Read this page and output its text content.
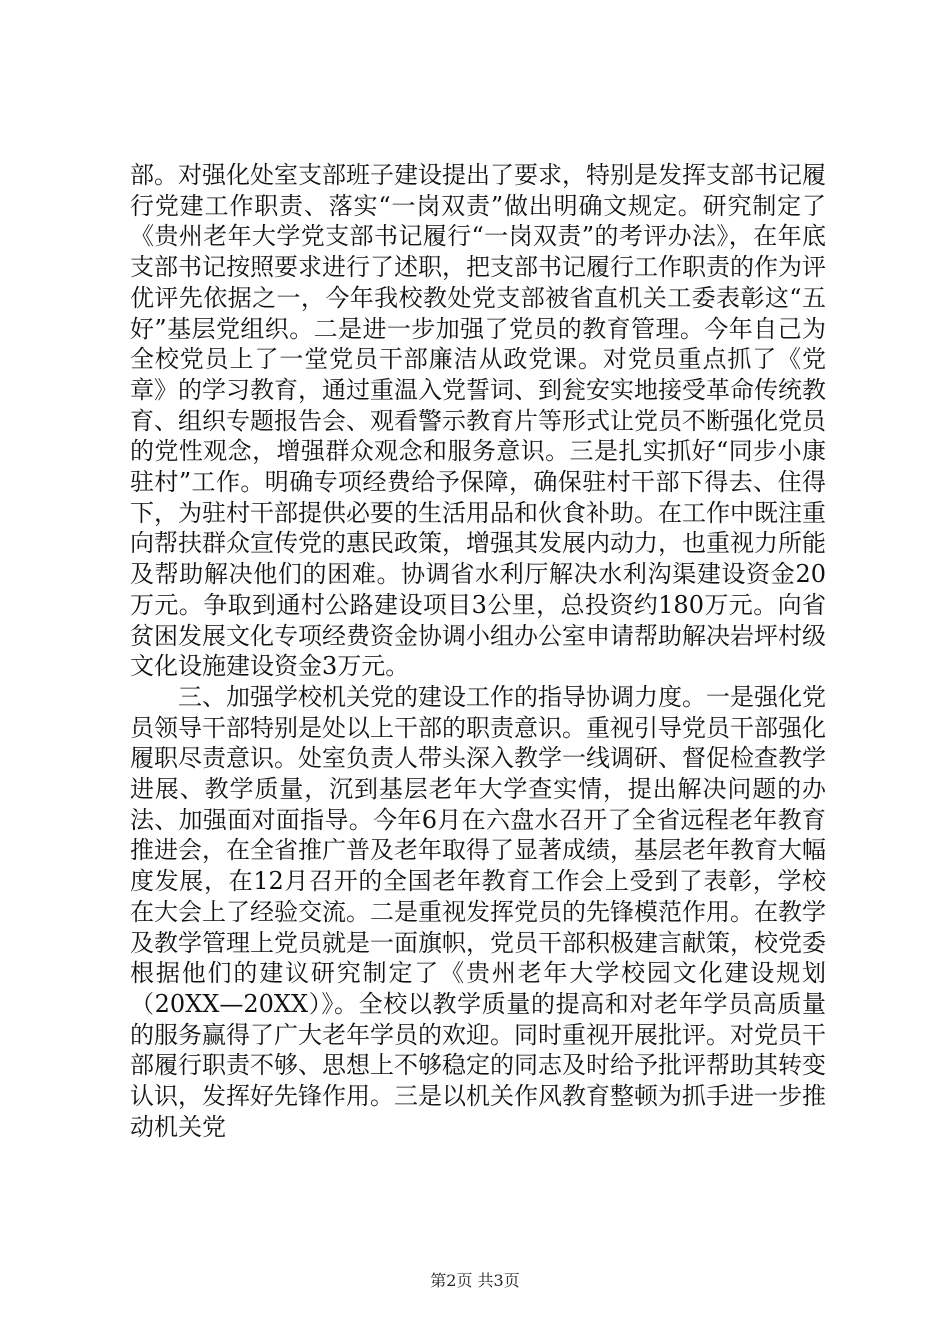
部。对强化处室支部班子建设提出了要求，特别是发挥支部书记履行党建工作职责、落实“一岗双责”做出明确文规定。研究制定了《贵州老年大学党支部书记履行“一岗双责”的考评办法》，在年底支部书记按照要求进行了述职，把支部书记履行工作职责的作为评优评先依据之一，今年我校教处党支部被省直机关工委表彰这“五好”基层党组织。二是进一步加强了党员的教育管理。今年自己为全校党员上了一堂党员干部廉洁从政党课。对党员重点抓了《党章》的学习教育，通过重温入党誓词、到瓮安实地接受革命传统教育、组织专题报告会、观看警示教育片等形式让党员不断强化党员的党性观念，增强群众观念和服务意识。三是扎实抓好“同步小康驻村”工作。明确专项经费给予保障，确保驻村干部下得去、住得下，为驻村干部提供必要的生活用品和伙食补助。在工作中既注重向帮扶群众宣传党的惠民政策，增强其发展内动力，也重视力所能及帮助解决他们的困难。协调省水利厅解决水利沟渠建设资金20万元。争取到通村公路建设项目3公里，总投资约180万元。向省贫困发展文化专项经费资金协调小组办公室申请帮助解决岩坪村级文化设施建设资金3万元。

三、加强学校机关党的建设工作的指导协调力度。一是强化党员领导干部特别是处以上干部的职责意识。重视引导党员干部强化履职尽责意识。处室负责人带头深入教学一线调研、督促检查教学进展、教学质量，沉到基层老年大学查实情，提出解决问题的办法、加强面对面指导。今年6月在六盘水召开了全省远程老年教育推进会，在全省推广普及老年取得了显著成绩，基层老年教育大幅度发展，在12月召开的全国老年教育工作会上受到了表彰，学校在大会上了经验交流。二是重视发挥党员的先锋模范作用。在教学及教学管理上党员就是一面旗帜，党员干部积极建言献策，校党委根据他们的建议研究制定了《贵州老年大学校园文化建设规划（20XX—20XX）》。全校以教学质量的提高和对老年学员高质量的服务赢得了广大老年学员的欢迎。同时重视开展批评。对党员干部履行职责不够、思想上不够稳定的同志及时给予批评帮助其转变认识，发挥好先锋作用。三是以机关作风教育整顿为抓手进一步推动机关党

第2页 共3页
